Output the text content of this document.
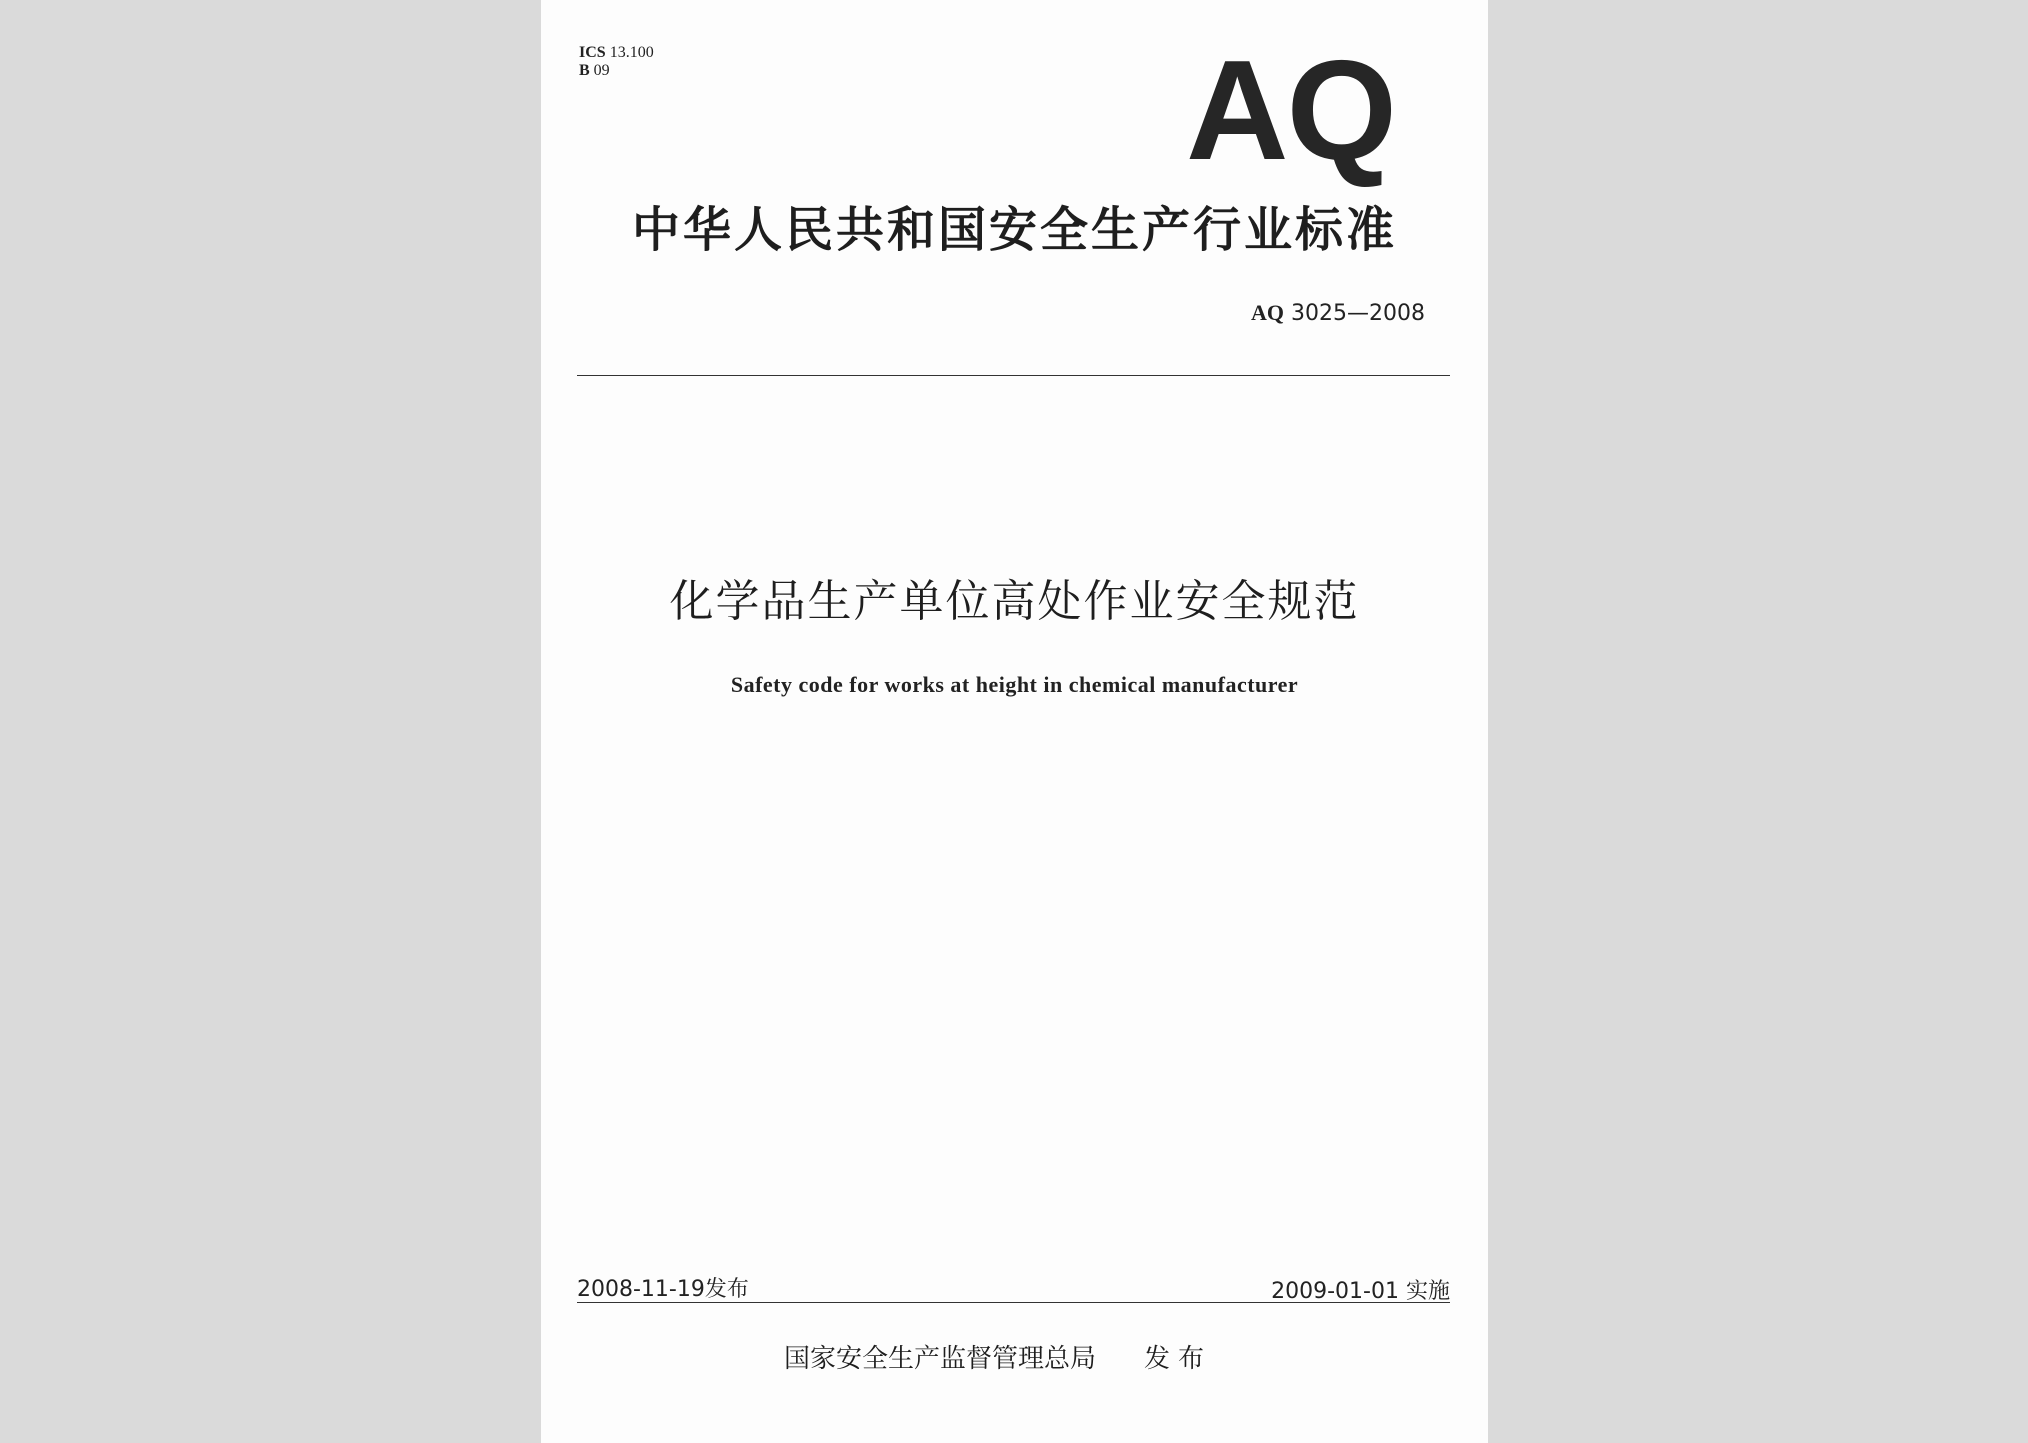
ICS 13.100
B 09	AQ
中华人民共和国安全生产行业标准
AQ 3025—2008
化学品生产单位高处作业安全规范
Safety code for works at height in chemical manufacturer
2008-11-19发布	2009-01-01 实施
国家安全生产监督管理总局 发布
